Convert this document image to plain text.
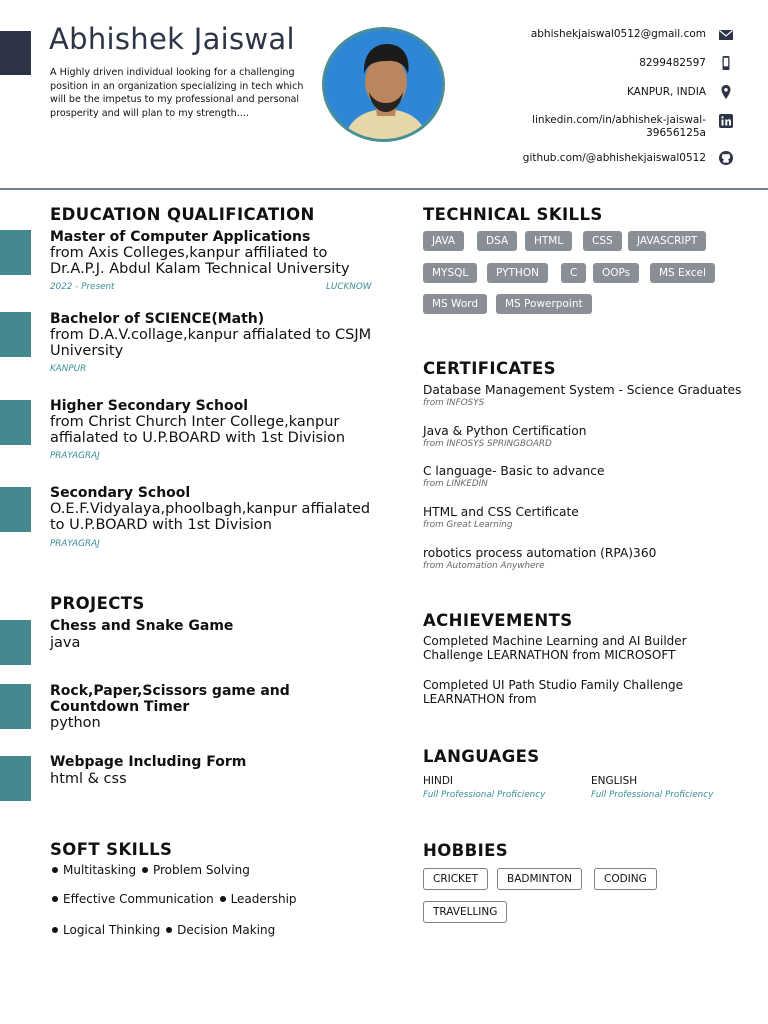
Abhishek Jaiswal
A Highly driven individual looking for a challenging position in an organization specializing in tech which will be the impetus to my professional and personal prosperity and will plan to my strength....
abhishekjaiswal0512@gmail.com
8299482597
KANPUR, INDIA
linkedin.com/in/abhishek-jaiswal-
39656125a
github.com/@abhishekjaiswal0512
EDUCATION QUALIFICATION
Master of Computer Applications
from Axis Colleges,kanpur affiliated to Dr.A.P.J. Abdul Kalam Technical University
2022 - Present	LUCKNOW
Bachelor of SCIENCE(Math)
from D.A.V.collage,kanpur affialated to CSJM University
KANPUR
Higher Secondary School
from Christ Church Inter College,kanpur affialated to U.P.BOARD with 1st Division
PRAYAGRAJ
Secondary School
O.E.F.Vidyalaya,phoolbagh,kanpur affialated to U.P.BOARD with 1st Division
PRAYAGRAJ
PROJECTS
Chess and Snake Game
java
Rock,Paper,Scissors game and Countdown Timer
python
Webpage Including Form
html & css
SOFT SKILLS
Multitasking Problem Solving
Effective Communication Leadership
Logical Thinking Decision Making
TECHNICAL SKILLS
JAVA	DSA	HTML	CSS	JAVASCRIPT
MYSQL	PYTHON	C	OOPs	MS Excel
MS Word	MS Powerpoint
CERTIFICATES
Database Management System - Science Graduates
from INFOSYS
Java & Python Certification
from INFOSYS SPRINGBOARD
C language- Basic to advance
from LINKEDIN
HTML and CSS Certificate
from Great Learning
robotics process automation (RPA)360
from Automation Anywhere
ACHIEVEMENTS
Completed Machine Learning and AI Builder Challenge LEARNATHON from MICROSOFT
Completed UI Path Studio Family Challenge LEARNATHON from
LANGUAGES
HINDI
Full Professional Proficiency
ENGLISH
Full Professional Proficiency
HOBBIES
CRICKET	BADMINTON	CODING
TRAVELLING
